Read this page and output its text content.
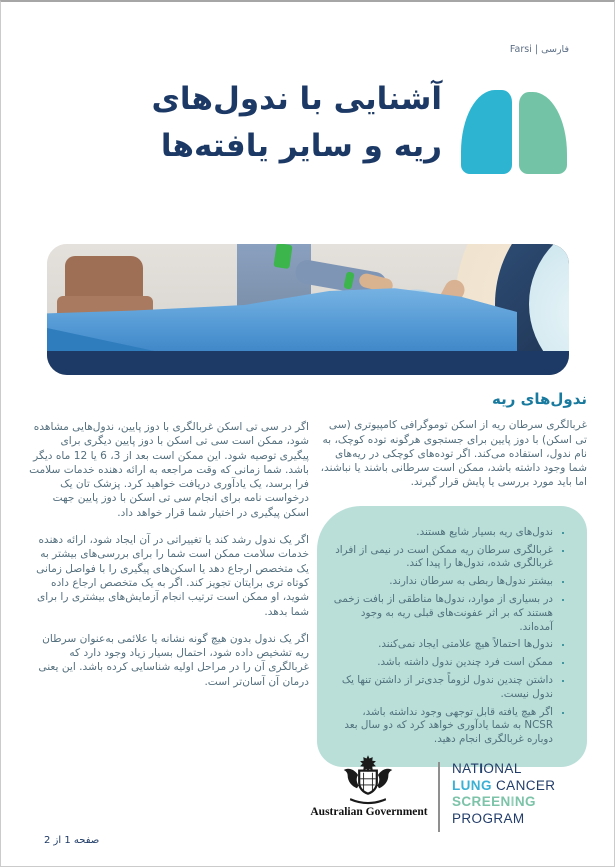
فارسی | Farsi
آشنایی با ندول‌های
ریه و سایر یافته‌ها
ندول‌های ریه

غربالگری سرطان ریه از اسکن توموگرافی کامپیوتری (سی تی اسکن) با دوز پایین برای جستجوی هرگونه توده کوچک، به نام ندول، استفاده می‌کند. اگر توده‌های کوچکی در ریه‌های شما وجود داشته باشد، ممکن است سرطانی باشند یا نباشند، اما باید مورد بررسی یا پایش قرار گیرند.

• ندول‌های ریه بسیار شایع هستند.
• غربالگری سرطان ریه ممکن است در نیمی از افراد غربالگری شده، ندول‌ها را پیدا کند.
• بیشتر ندول‌ها ربطی به سرطان ندارند.
• در بسیاری از موارد، ندول‌ها مناطقی از بافت زخمی هستند که بر اثر عفونت‌های قبلی ریه به وجود آمده‌اند.
• ندول‌ها احتمالاً هیچ علامتی ایجاد نمی‌کنند.
• ممکن است فرد چندین ندول داشته باشد.
• داشتن چندین ندول لزوماً جدی‌تر از داشتن تنها یک ندول نیست.
• اگر هیچ یافته قابل توجهی وجود نداشته باشد، NCSR به شما یادآوری خواهد کرد که دو سال بعد دوباره غربالگری انجام دهید.

اگر در سی تی اسکن غربالگری با دوز پایین، ندول‌هایی مشاهده شود، ممکن است سی تی اسکن با دوز پایین دیگری برای پیگیری توصیه شود. این ممکن است بعد از 3، 6 یا 12 ماه دیگر باشد. شما زمانی که وقت مراجعه به ارائه دهنده خدمات سلامت فرا برسد، یک یادآوری دریافت خواهید کرد. پزشک تان یک درخواست نامه برای انجام سی تی اسکن با دوز پایین جهت اسکن پیگیری در اختیار شما قرار خواهد داد.

اگر یک ندول رشد کند یا تغییراتی در آن ایجاد شود، ارائه دهنده خدمات سلامت ممکن است شما را برای بررسی‌های بیشتر به یک متخصص ارجاع دهد یا اسکن‌های پیگیری را با فواصل زمانی کوتاه تری برایتان تجویز کند. اگر به یک متخصص ارجاع داده شوید، او ممکن است ترتیب انجام آزمایش‌های بیشتری را برای شما بدهد.

اگر یک ندول بدون هیچ گونه نشانه یا علائمی به‌عنوان سرطان ریه تشخیص داده شود، احتمال بسیار زیاد وجود دارد که غربالگری آن را در مراحل اولیه شناسایی کرده باشد. این یعنی درمان آن آسان‌تر است.

Australian Government
NATIONAL
LUNG CANCER
SCREENING
PROGRAM
صفحه 1 از 2
